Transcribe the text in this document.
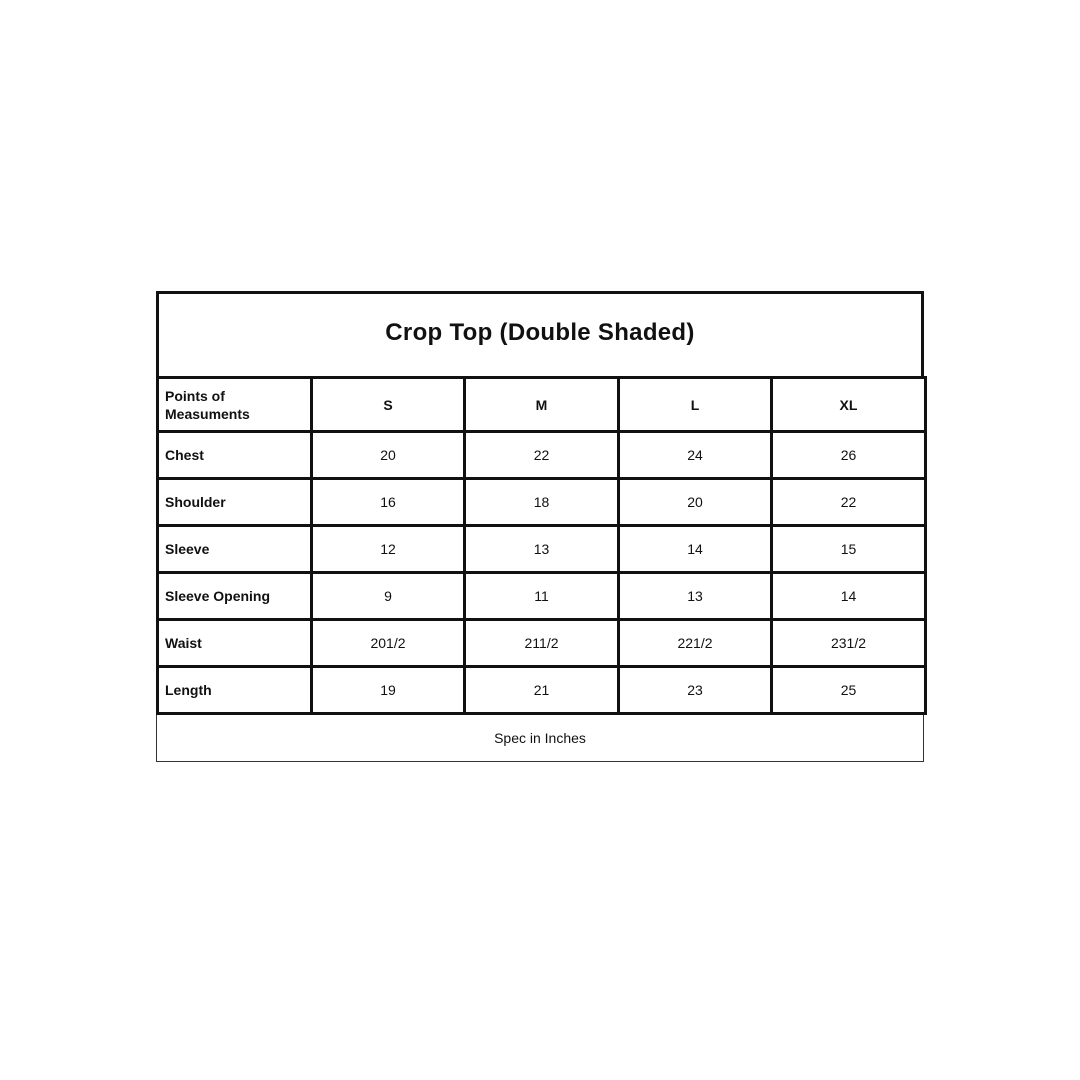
Crop Top (Double Shaded)
Points of Measuments	S	M	L	XL
Chest	20	22	24	26
Shoulder	16	18	20	22
Sleeve	12	13	14	15
Sleeve Opening	9	11	13	14
Waist	201/2	211/2	221/2	231/2
Length	19	21	23	25
Spec in Inches
